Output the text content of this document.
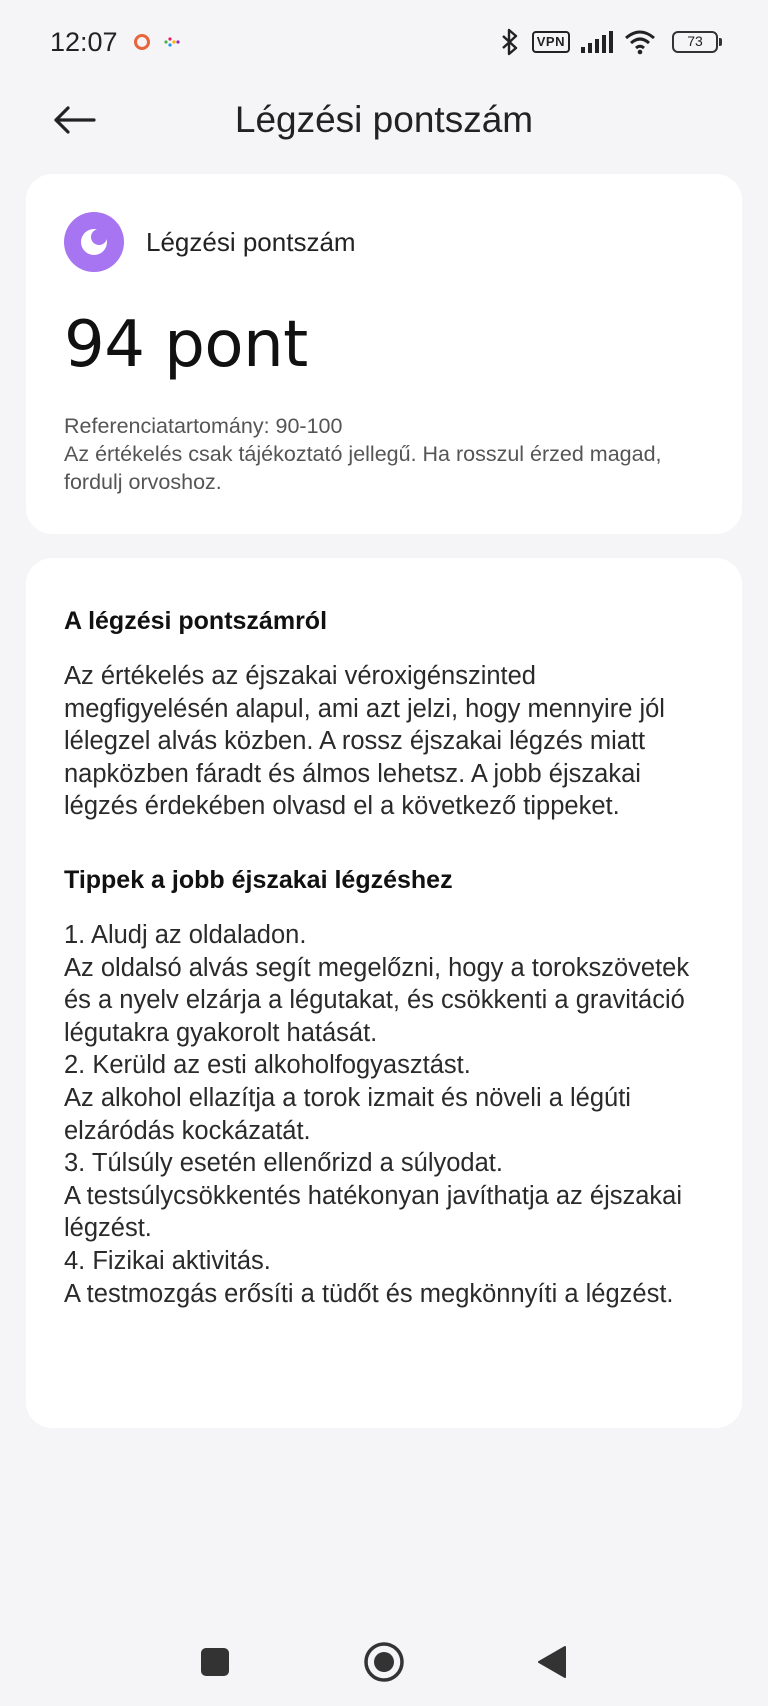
12:07	VPN	73
Légzési pontszám
Légzési pontszám
94 pont
Referenciatartomány: 90-100
Az értékelés csak tájékoztató jellegű. Ha rosszul érzed magad, fordulj orvoshoz.
A légzési pontszámról

Az értékelés az éjszakai véroxigénszinted megfigyelésén alapul, ami azt jelzi, hogy mennyire jól lélegzel alvás közben. A rossz éjszakai légzés miatt napközben fáradt és álmos lehetsz. A jobb éjszakai légzés érdekében olvasd el a következő tippeket.

Tippek a jobb éjszakai légzéshez
1. Aludj az oldaladon.
Az oldalsó alvás segít megelőzni, hogy a torokszövetek és a nyelv elzárja a légutakat, és csökkenti a gravitáció légutakra gyakorolt hatását.
2. Kerüld az esti alkoholfogyasztást.
Az alkohol ellazítja a torok izmait és növeli a légúti elzáródás kockázatát.
3. Túlsúly esetén ellenőrizd a súlyodat.
A testsúlycsökkentés hatékonyan javíthatja az éjszakai légzést.
4. Fizikai aktivitás.
A testmozgás erősíti a tüdőt és megkönnyíti a légzést.
